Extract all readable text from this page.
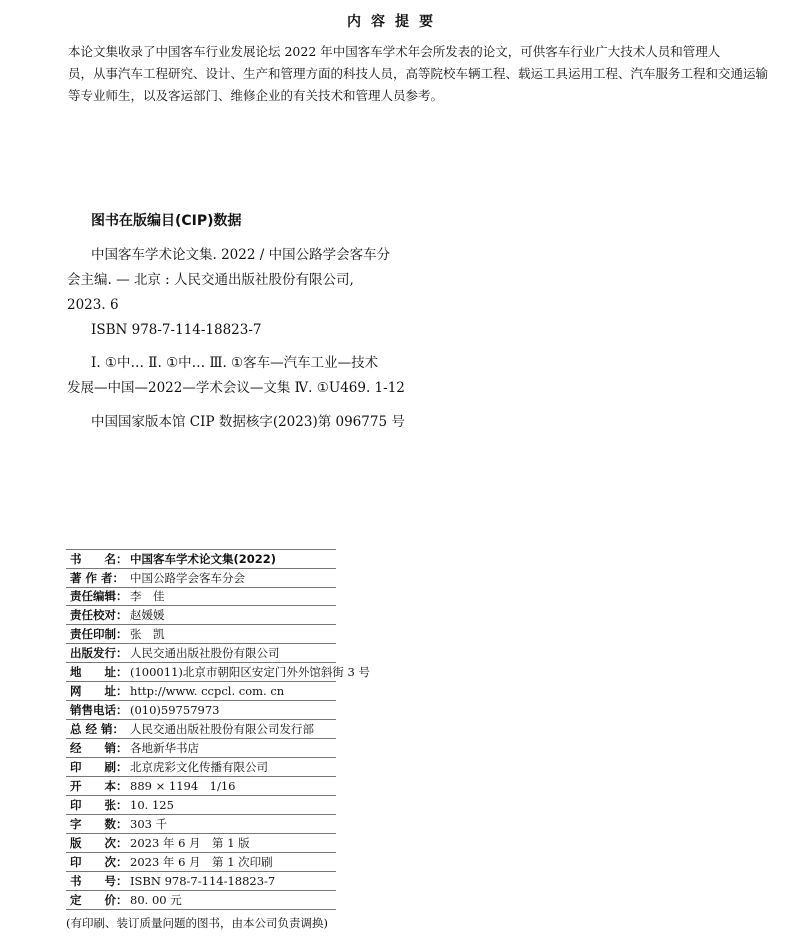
内容提要
本论文集收录了中国客车行业发展论坛 2022 年中国客车学术年会所发表的论文，可供客车行业广大技术人员和管理人
员，从事汽车工程研究、设计、生产和管理方面的科技人员，高等院校车辆工程、载运工具运用工程、汽车服务工程和交通运输
等专业师生，以及客运部门、维修企业的有关技术和管理人员参考。
图书在版编目(CIP)数据
中国客车学术论文集. 2022 / 中国公路学会客车分
会主编. — 北京 : 人民交通出版社股份有限公司,
2023. 6
ISBN 978-7-114-18823-7
Ⅰ. ①中… Ⅱ. ①中… Ⅲ. ①客车—汽车工业—技术
发展—中国—2022—学术会议—文集 Ⅳ. ①U469. 1-12
中国国家版本馆 CIP 数据核字(2023)第 096775 号
书　　名： 中国客车学术论文集(2022)
著 作 者： 中国公路学会客车分会
责任编辑： 李　佳
责任校对： 赵媛媛
责任印制： 张　凯
出版发行： 人民交通出版社股份有限公司
地　　址： (100011)北京市朝阳区安定门外外馆斜街 3 号
网　　址： http://www. ccpcl. com. cn
销售电话： (010)59757973
总 经 销： 人民交通出版社股份有限公司发行部
经　　销： 各地新华书店
印　　刷： 北京虎彩文化传播有限公司
开　　本： 889 × 1194　1/16
印　　张： 10. 125
字　　数： 303 千
版　　次： 2023 年 6 月　第 1 版
印　　次： 2023 年 6 月　第 1 次印刷
书　　号： ISBN 978-7-114-18823-7
定　　价： 80. 00 元
(有印刷、装订质量问题的图书，由本公司负责调换)
